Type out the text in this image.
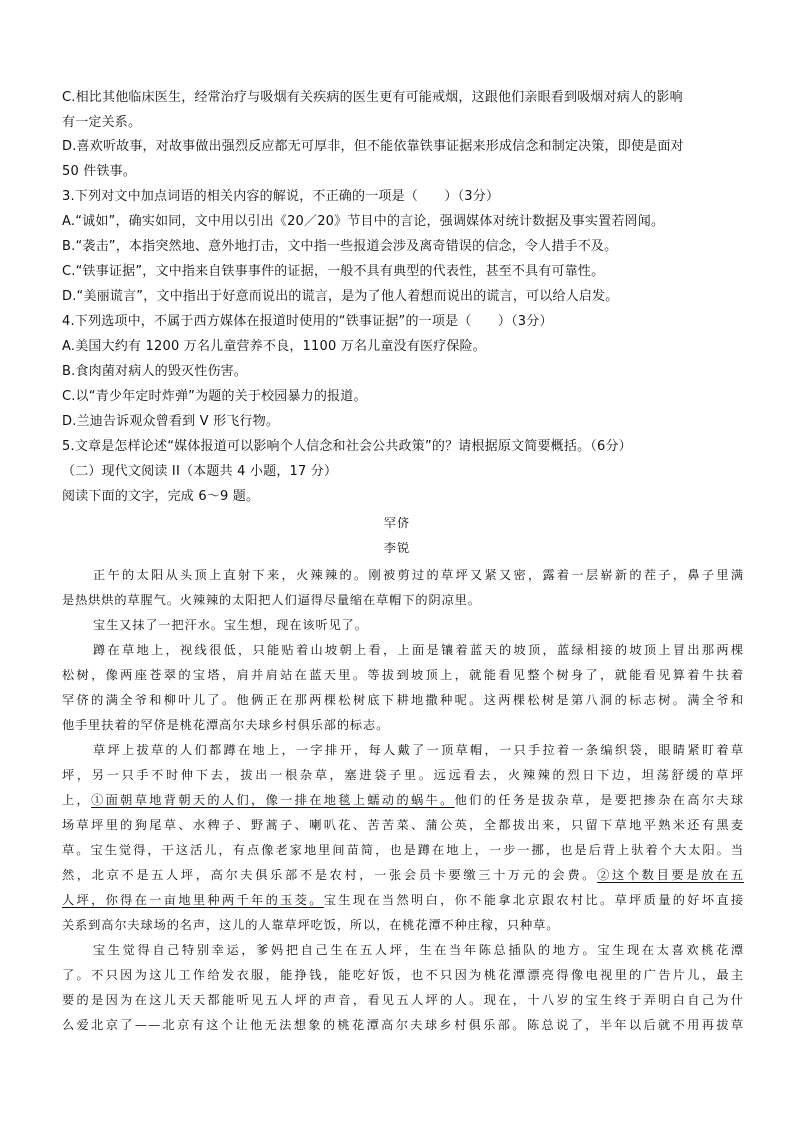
C.相比其他临床医生，经常治疗与吸烟有关疾病的医生更有可能戒烟，这跟他们亲眼看到吸烟对病人的影响
有一定关系。
D.喜欢听故事，对故事做出强烈反应都无可厚非，但不能依靠铁事证据来形成信念和制定决策，即使是面对
50 件铁事。
3.下列对文中加点词语的相关内容的解说，不正确的一项是（　　）（3分）
A.“诚如”，确实如同，文中用以引出《20／20》节目中的言论，强调媒体对统计数据及事实置若罔闻。
B.“袭击”，本指突然地、意外地打击，文中指一些报道会涉及离奇错误的信念，令人措手不及。
C.“铁事证据”，文中指来自铁事事件的证据，一般不具有典型的代表性，甚至不具有可靠性。
D.“美丽谎言”，文中指出于好意而说出的谎言，是为了他人着想而说出的谎言，可以给人启发。
4.下列选项中，不属于西方媒体在报道时使用的“铁事证据”的一项是（　　）（3分）
A.美国大约有 1200 万名儿童营养不良，1100 万名儿童没有医疗保险。
B.食肉菌对病人的毁灭性伤害。
C.以“青少年定时炸弹”为题的关于校园暴力的报道。
D.兰迪告诉观众曾看到 V 形飞行物。
5.文章是怎样论述“媒体报道可以影响个人信念和社会公共政策”的？请根据原文简要概括。（6分）
（二）现代文阅读 II（本题共 4 小题，17 分）
阅读下面的文字，完成 6～9 题。
罕侪
李锐
正午的太阳从头顶上直射下来，火辣辣的。刚被剪过的草坪又紧又密，露着一层崭新的茬子，鼻子里满
是热烘烘的草腥气。火辣辣的太阳把人们逼得尽量缩在草帽下的阴凉里。
宝生又抹了一把汗水。宝生想，现在该听见了。
蹲在草地上，视线很低，只能贴着山坡朝上看，上面是镶着蓝天的坡顶，蓝绿相接的坡顶上冒出那两棵
松树，像两座苍翠的宝塔，肩并肩站在蓝天里。等拔到坡顶上，就能看见整个树身了，就能看见算着牛扶着
罕侪的满全爷和柳叶儿了。他俩正在那两棵松树底下耕地撒种呢。这两棵松树是第八洞的标志树。满全爷和
他手里扶着的罕侪是桃花潭高尔夫球乡村俱乐部的标志。
草坪上拔草的人们都蹲在地上，一字排开，每人戴了一顶草帽，一只手拉着一条编织袋，眼睛紧盯着草
坪，另一只手不时伸下去，拔出一根杂草，塞进袋子里。远远看去，火辣辣的烈日下边，坦荡舒缓的草坪
上，①面朝草地背朝天的人们，像一排在地毯上蠕动的蜗牛。他们的任务是拔杂草，是要把掺杂在高尔夫球
场草坪里的狗尾草、水稗子、野蒿子、喇叭花、苦苦菜、蒲公英，全都拔出来，只留下草地平熟米还有黑麦
草。宝生觉得，干这活儿，有点像老家地里间苗简，也是蹲在地上，一步一挪，也是后背上驮着个大太阳。当
然，北京不是五人坪，高尔夫俱乐部不是农村，一张会员卡要缴三十万元的会费。②这个数目要是放在五
人坪，你得在一亩地里种两千年的玉茭。宝生现在当然明白，你不能拿北京跟农村比。草坪质量的好坏直接
关系到高尔夫球场的名声，这儿的人靠草坪吃饭，所以，在桃花潭不种庄稼，只种草。
宝生觉得自己特别幸运，爹妈把自己生在五人坪，生在当年陈总插队的地方。宝生现在太喜欢桃花潭
了。不只因为这儿工作给发衣服，能挣钱，能吃好饭，也不只因为桃花潭漂亮得像电视里的广告片儿，最主
要的是因为在这儿天天都能听见五人坪的声音，看见五人坪的人。现在，十八岁的宝生终于弄明白自己为什
么爱北京了——北京有这个让他无法想象的桃花潭高尔夫球乡村俱乐部。陈总说了，半年以后就不用再拔草
